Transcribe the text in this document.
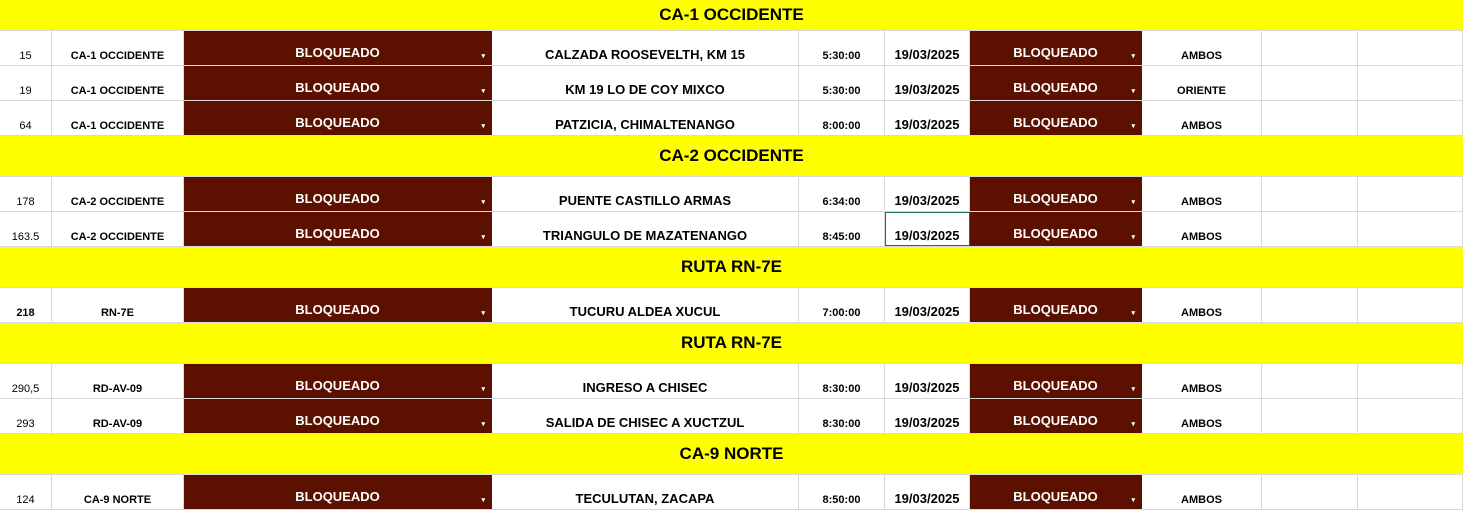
CA-1 OCCIDENTE
15	CA-1 OCCIDENTE	BLOQUEADO	▾	CALZADA ROOSEVELTH, KM 15	5:30:00	19/03/2025	BLOQUEADO	▾	AMBOS
19	CA-1 OCCIDENTE	BLOQUEADO	▾	KM 19 LO DE COY MIXCO	5:30:00	19/03/2025	BLOQUEADO	▾	ORIENTE
64	CA-1 OCCIDENTE	BLOQUEADO	▾	PATZICIA, CHIMALTENANGO	8:00:00	19/03/2025	BLOQUEADO	▾	AMBOS
CA-2 OCCIDENTE
178	CA-2 OCCIDENTE	BLOQUEADO	▾	PUENTE CASTILLO ARMAS	6:34:00	19/03/2025	BLOQUEADO	▾	AMBOS
163.5	CA-2 OCCIDENTE	BLOQUEADO	▾	TRIANGULO DE MAZATENANGO	8:45:00	19/03/2025	BLOQUEADO	▾	AMBOS
RUTA RN-7E
218	RN-7E	BLOQUEADO	▾	TUCURU ALDEA XUCUL	7:00:00	19/03/2025	BLOQUEADO	▾	AMBOS
RUTA RN-7E
290,5	RD-AV-09	BLOQUEADO	▾	INGRESO A CHISEC	8:30:00	19/03/2025	BLOQUEADO	▾	AMBOS
293	RD-AV-09	BLOQUEADO	▾	SALIDA DE CHISEC A XUCTZUL	8:30:00	19/03/2025	BLOQUEADO	▾	AMBOS
CA-9 NORTE
124	CA-9 NORTE	BLOQUEADO	▾	TECULUTAN, ZACAPA	8:50:00	19/03/2025	BLOQUEADO	▾	AMBOS
